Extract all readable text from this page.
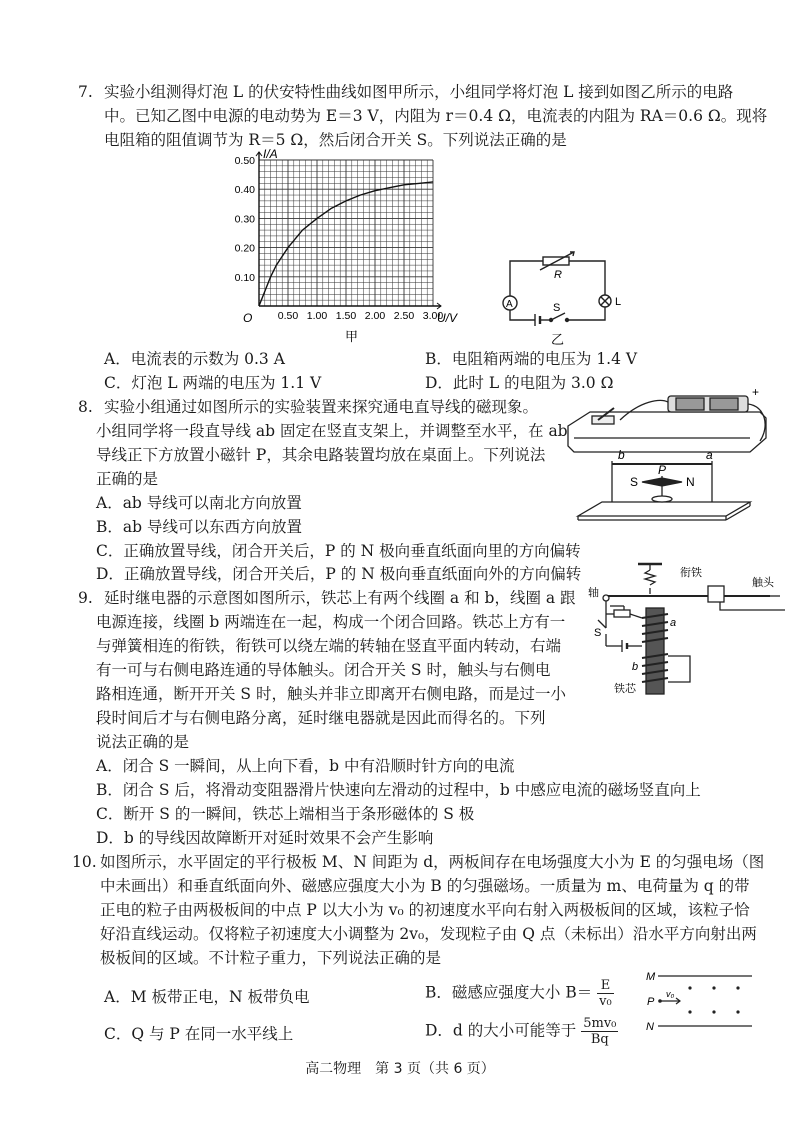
7. 实验小组测得灯泡 L 的伏安特性曲线如图甲所示，小组同学将灯泡 L 接到如图乙所示的电路
中。已知乙图中电源的电动势为 E＝3 V，内阻为 r＝0.4 Ω，电流表的内阻为 RA＝0.6 Ω。现将
电阻箱的阻值调节为 R＝5 Ω，然后闭合开关 S。下列说法正确的是
0.50 1.00 1.50 2.00 2.50 3.00
0.10
0.20
0.30
0.40
0.50 I/A
U/V
O
甲
A
R
L
S
乙
A．电流表的示数为 0.3 A	B．电阻箱两端的电压为 1.4 V
C．灯泡 L 两端的电压为 1.1 V	D．此时 L 的电阻为 3.0 Ω
8. 实验小组通过如图所示的实验装置来探究通电直导线的磁现象。
小组同学将一段直导线 ab 固定在竖直支架上，并调整至水平，在 ab
导线正下方放置小磁针 P，其余电路装置均放在桌面上。下列说法
正确的是
A．ab 导线可以南北方向放置
B．ab 导线可以东西方向放置
C．正确放置导线，闭合开关后，P 的 N 极向垂直纸面向里的方向偏转
D．正确放置导线，闭合开关后，P 的 N 极向垂直纸面向外的方向偏转
+
b	a
P
S	N
9. 延时继电器的示意图如图所示，铁芯上有两个线圈 a 和 b，线圈 a 跟
电源连接，线圈 b 两端连在一起，构成一个闭合回路。铁芯上方有一
与弹簧相连的衔铁，衔铁可以绕左端的转轴在竖直平面内转动，右端
有一可与右侧电路连通的导体触头。闭合开关 S 时，触头与右侧电
路相连通，断开开关 S 时，触头并非立即离开右侧电路，而是过一小
段时间后才与右侧电路分离，延时继电器就是因此而得名的。下列
说法正确的是
A．闭合 S 一瞬间，从上向下看，b 中有沿顺时针方向的电流
B．闭合 S 后，将滑动变阻器滑片快速向左滑动的过程中，b 中感应电流的磁场竖直向上
C．断开 S 的一瞬间，铁芯上端相当于条形磁体的 S 极
D．b 的导线因故障断开对延时效果不会产生影响
轴
衔铁
触头
S
a
b
铁芯
10. 如图所示，水平固定的平行极板 M、N 间距为 d，两板间存在电场强度大小为 E 的匀强电场（图
中未画出）和垂直纸面向外、磁感应强度大小为 B 的匀强磁场。一质量为 m、电荷量为 q 的带
正电的粒子由两极板间的中点 P 以大小为 v₀ 的初速度水平向右射入两极板间的区域，该粒子恰
好沿直线运动。仅将粒子初速度大小调整为 2v₀，发现粒子由 Q 点（未标出）沿水平方向射出两
极板间的区域。不计粒子重力，下列说法正确的是
A．M 板带正电，N 板带负电	B．磁感应强度大小 $B= \frac{E}{\text{v₀}}$
C．Q 与 P 在同一水平线上	D．d 的大小可能等于 $\frac{\text{5mv₀}}{Bq}$
M
N
P
v₀
高二物理　第 3 页（共 6 页）
